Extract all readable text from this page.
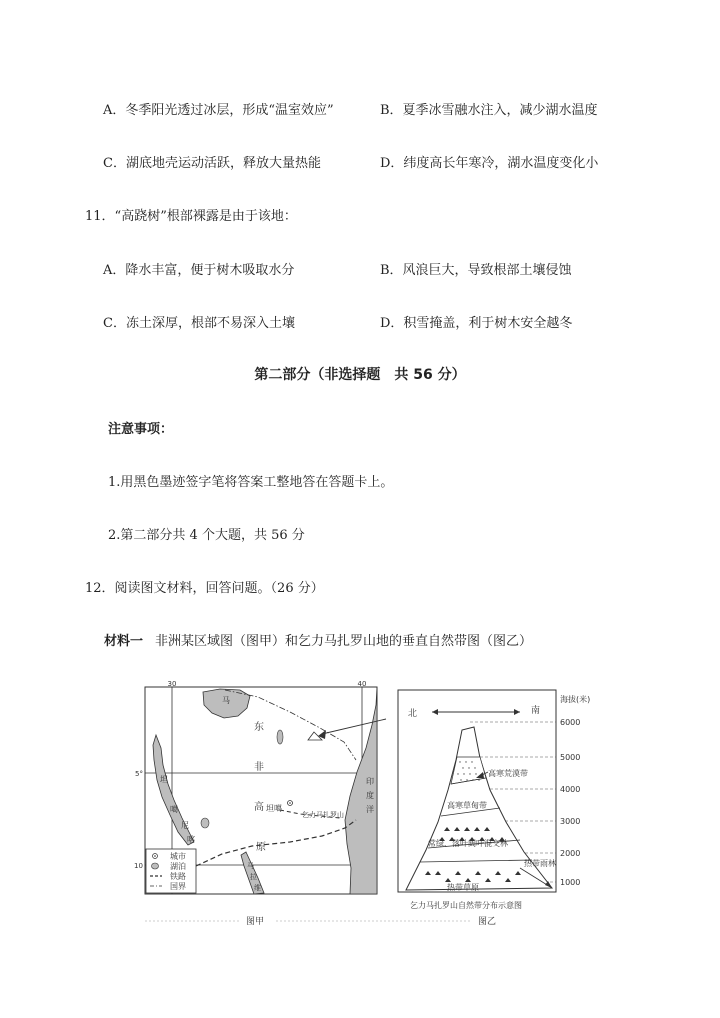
A．冬季阳光透过冰层，形成“温室效应”	B．夏季冰雪融水注入，减少湖水温度
C．湖底地壳运动活跃，释放大量热能	D．纬度高长年寒冷，湖水温度变化小
11．“高跷树”根部裸露是由于该地：
A．降水丰富，便于树木吸取水分	B．风浪巨大，导致根部土壤侵蚀
C．冻土深厚，根部不易深入土壤	D．积雪掩盖，利于树木安全越冬
第二部分（非选择题　共 56 分）
注意事项：
1.用黑色墨迹签字笔将答案工整地答在答题卡上。
2.第二部分共 4 个大题，共 56 分
12．阅读图文材料，回答问题。（26 分）
材料一 非洲某区域图（图甲）和乞力马扎罗山地的垂直自然带图（图乙）
30	40
5°
10
东
非
高
原
坦噶
乞力马扎罗山
马
坦
噶
尼
喀
印
度
洋
马
拉
维
城市
湖泊
铁路
国界
北	南
高寒荒漠带
高寒草甸带
常绿、落叶阔叶混交林
热带雨林
热带草原
海拔(米)
6000
5000
4000
3000
2000
1000
乞力马扎罗山自然带分布示意图
图甲	图乙
